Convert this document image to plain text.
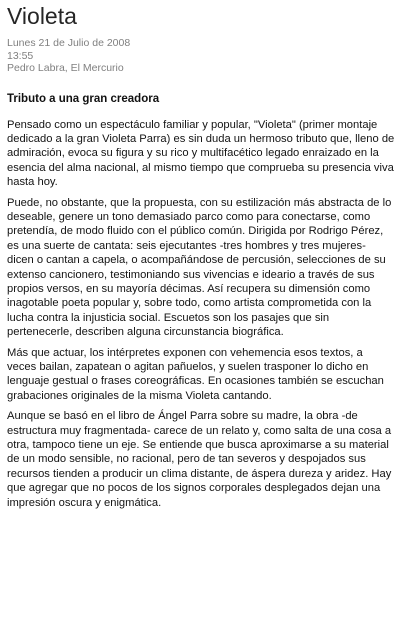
Violeta
Lunes 21 de Julio de 2008
13:55
Pedro Labra, El Mercurio
Tributo a una gran creadora

Pensado como un espectáculo familiar y popular, "Violeta" (primer montaje dedicado a la gran Violeta Parra) es sin duda un hermoso tributo que, lleno de admiración, evoca su figura y su rico y multifacético legado enraizado en la esencia del alma nacional, al mismo tiempo que comprueba su presencia viva hasta hoy.

Puede, no obstante, que la propuesta, con su estilización más abstracta de lo deseable, genere un tono demasiado parco como para conectarse, como pretendía, de modo fluido con el público común. Dirigida por Rodrigo Pérez, es una suerte de cantata: seis ejecutantes -tres hombres y tres mujeres- dicen o cantan a capela, o acompañándose de percusión, selecciones de su extenso cancionero, testimoniando sus vivencias e ideario a través de sus propios versos, en su mayoría décimas. Así recupera su dimensión como inagotable poeta popular y, sobre todo, como artista comprometida con la lucha contra la injusticia social. Escuetos son los pasajes que sin pertenecerle, describen alguna circunstancia biográfica.

Más que actuar, los intérpretes exponen con vehemencia esos textos, a veces bailan, zapatean o agitan pañuelos, y suelen trasponer lo dicho en lenguaje gestual o frases coreográficas. En ocasiones también se escuchan grabaciones originales de la misma Violeta cantando.

Aunque se basó en el libro de Ángel Parra sobre su madre, la obra -de estructura muy fragmentada- carece de un relato y, como salta de una cosa a otra, tampoco tiene un eje. Se entiende que busca aproximarse a su material de un modo sensible, no racional, pero de tan severos y despojados sus recursos tienden a producir un clima distante, de áspera dureza y aridez. Hay que agregar que no pocos de los signos corporales desplegados dejan una impresión oscura y enigmática.
